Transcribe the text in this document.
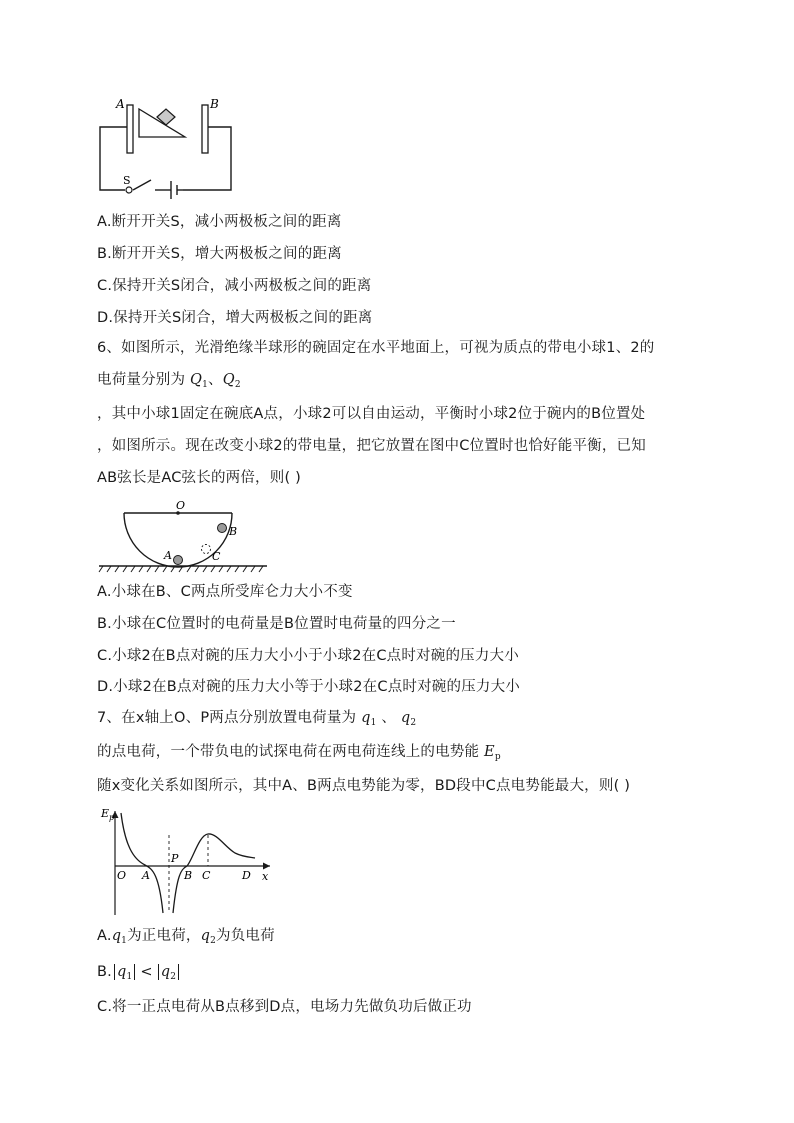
A	B
S
A.断开开关S，减小两极板之间的距离
B.断开开关S，增大两极板之间的距离
C.保持开关S闭合，减小两极板之间的距离
D.保持开关S闭合，增大两极板之间的距离
6、如图所示，光滑绝缘半球形的碗固定在水平地面上，可视为质点的带电小球1、2的
电荷量分别为 $Q_1$、$Q_2$
，其中小球1固定在碗底A点，小球2可以自由运动，平衡时小球2位于碗内的B位置处
，如图所示。现在改变小球2的带电量，把它放置在图中C位置时也恰好能平衡，已知
AB弦长是AC弦长的两倍，则( )
O
B
A	C
A.小球在B、C两点所受库仑力大小不变
B.小球在C位置时的电荷量是B位置时电荷量的四分之一
C.小球2在B点对碗的压力大小小于小球2在C点时对碗的压力大小
D.小球2在B点对碗的压力大小等于小球2在C点时对碗的压力大小
7、在x轴上O、P两点分别放置电荷量为 $q_1$ 、 $q_2$
的点电荷，一个带负电的试探电荷在两电荷连线上的电势能 $E_p$
随x变化关系如图所示，其中A、B两点电势能为零，BD段中C点电势能最大，则( )
$E_p$
x
O A
P
B C	D
$A.q_1$为正电荷，$q_2$为负电荷
B. $q_1 < q_2$
C.将一正点电荷从B点移到D点，电场力先做负功后做正功
